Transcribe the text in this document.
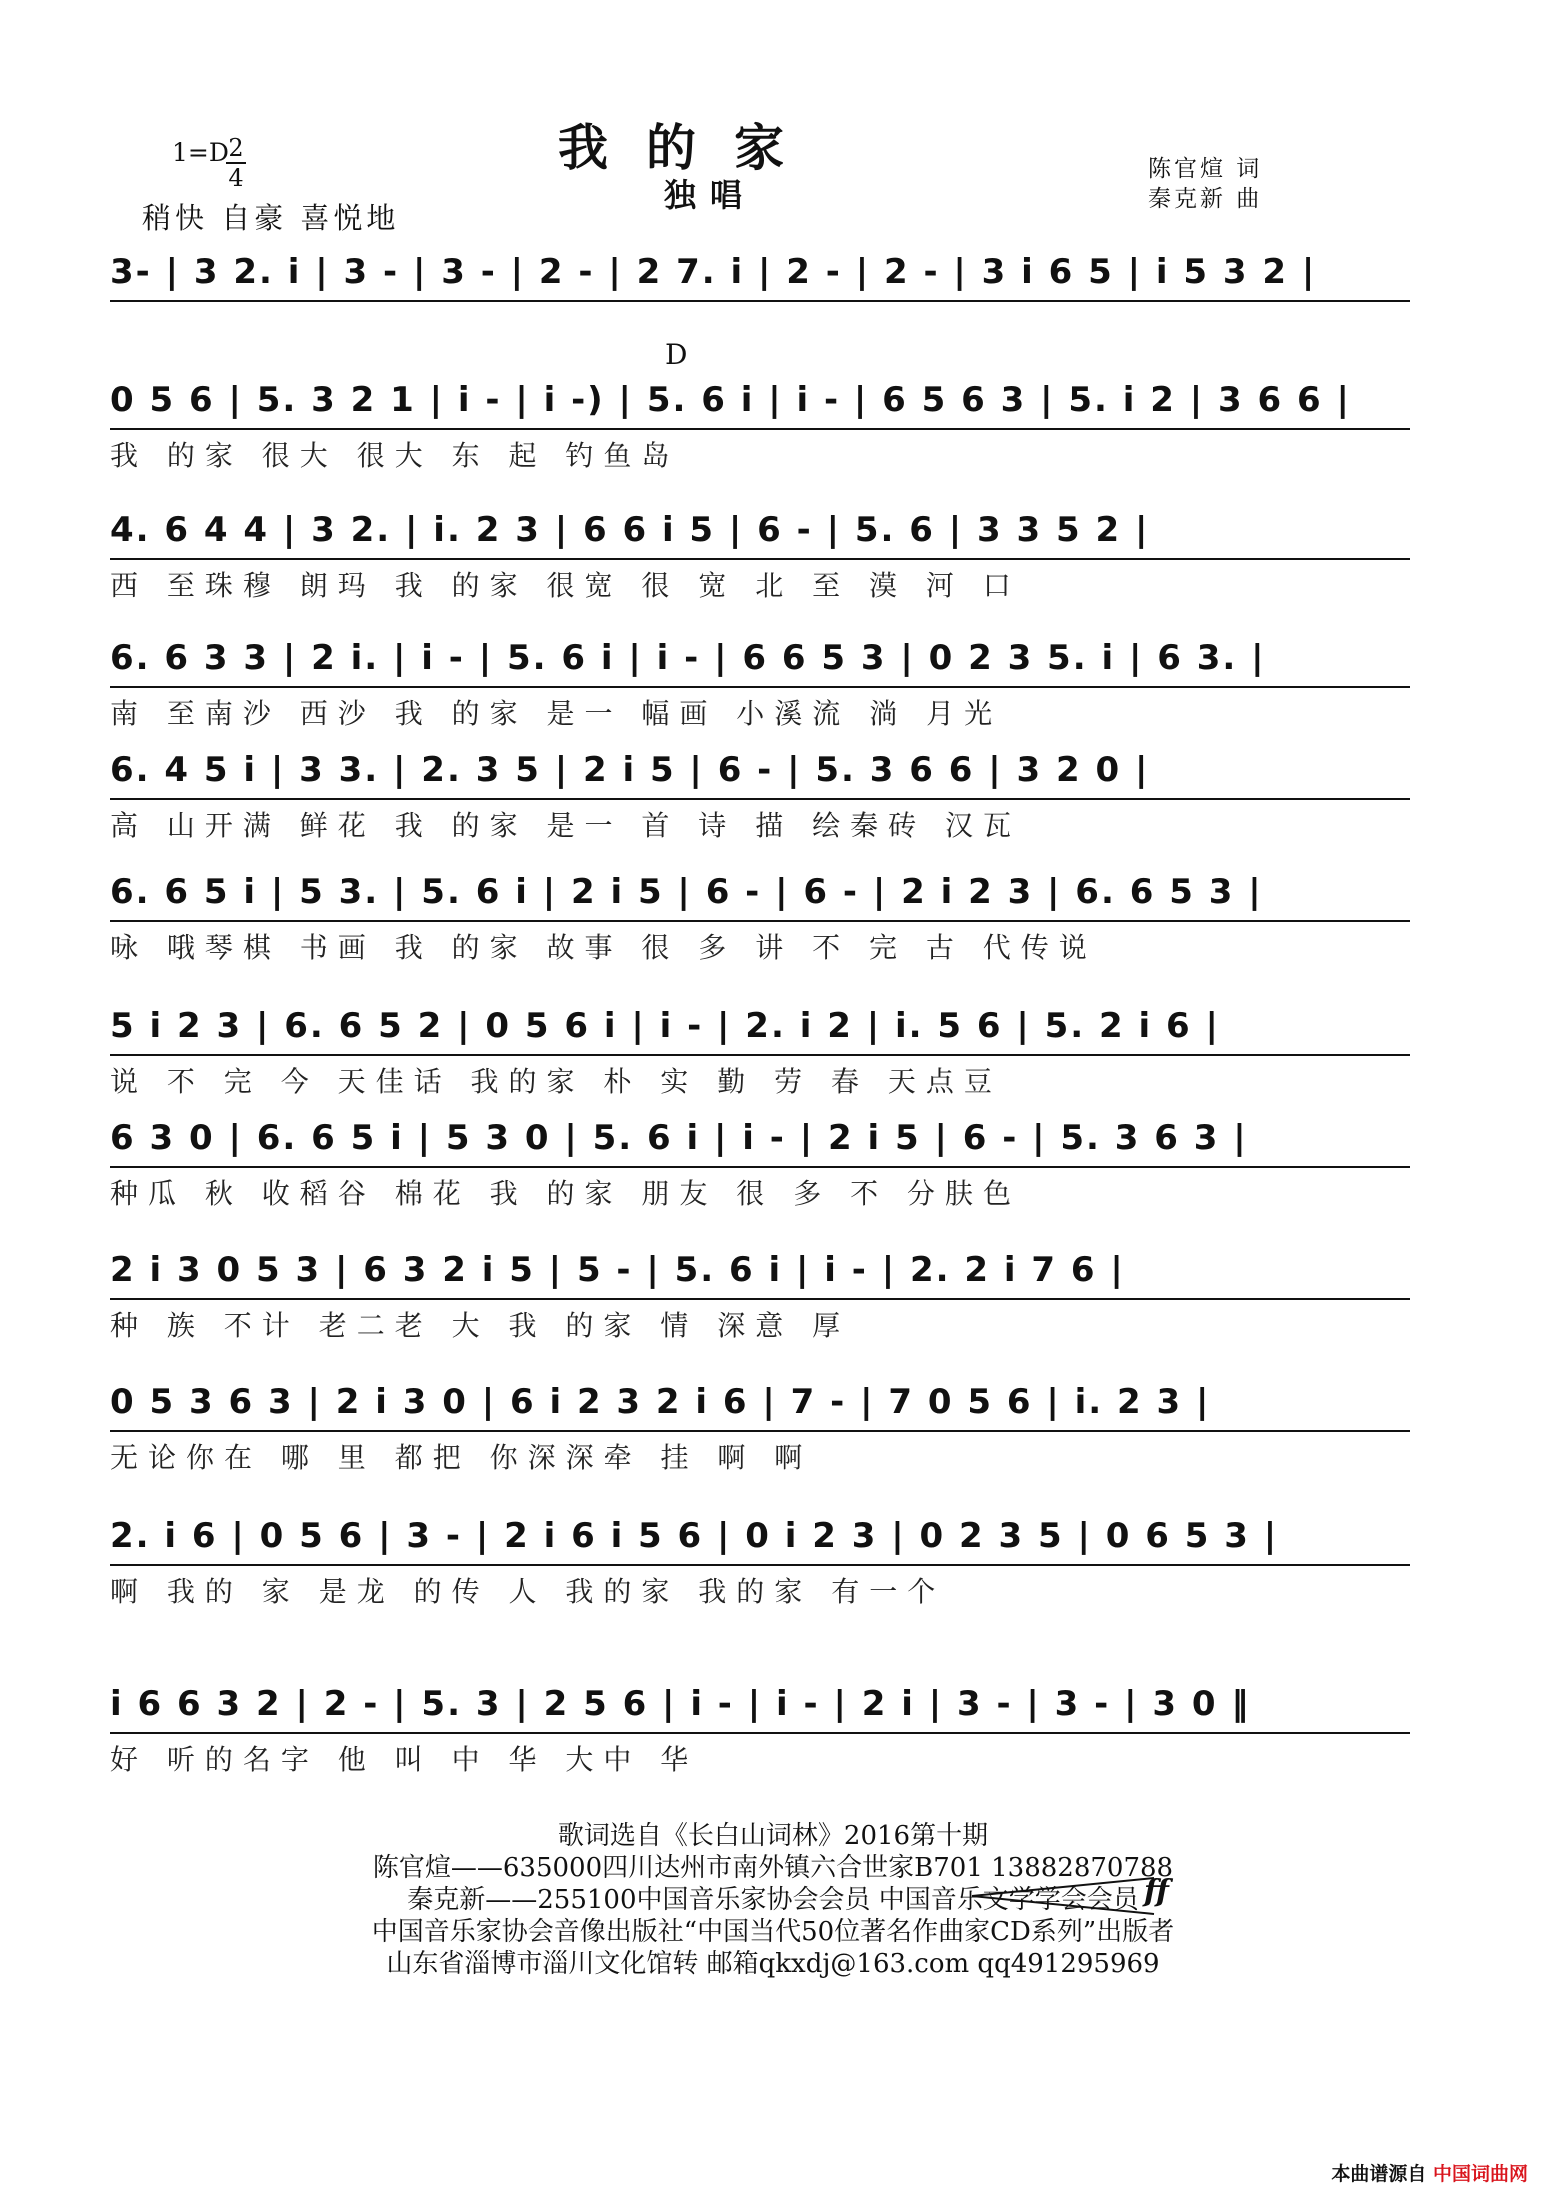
我的家
独唱
1=D 2
4
稍快 自豪 喜悦地
陈官煊 词
秦克新 曲
D
3- | 3 2. i | 3 - | 3 - | 2 - | 2 7. i | 2 - | 2 - | 3 i 6 5 | i 5 3 2 |
0 5 6 | 5. 3 2 1 | i - | i -) | 5. 6 i | i - | 6 5 6 3 | 5. i 2 | 3 6 6 |
我 的家 很大 很大 东 起 钓鱼岛
4. 6 4 4 | 3 2. | i. 2 3 | 6 6 i 5 | 6 - | 5. 6 | 3 3 5 2 |
西 至珠穆 朗玛 我 的家 很宽 很 宽 北 至 漠 河 口
6. 6 3 3 | 2 i. | i - | 5. 6 i | i - | 6 6 5 3 | 0 2 3 5. i | 6 3. |
南 至南沙 西沙 我 的家 是一 幅画 小溪流 淌 月光
6. 4 5 i | 3 3. | 2. 3 5 | 2 i 5 | 6 - | 5. 3 6 6 | 3 2 0 |
高 山开满 鲜花 我 的家 是一 首 诗 描 绘秦砖 汉瓦
6. 6 5 i | 5 3. | 5. 6 i | 2 i 5 | 6 - | 6 - | 2 i 2 3 | 6. 6 5 3 |
咏 哦琴棋 书画 我 的家 故事 很 多 讲 不 完 古 代传说
5 i 2 3 | 6. 6 5 2 | 0 5 6 i | i - | 2. i 2 | i. 5 6 | 5. 2 i 6 |
说 不 完 今 天佳话 我的家 朴 实 勤 劳 春 天点豆
6 3 0 | 6. 6 5 i | 5 3 0 | 5. 6 i | i - | 2 i 5 | 6 - | 5. 3 6 3 |
种瓜 秋 收稻谷 棉花 我 的家 朋友 很 多 不 分肤色
2 i 3 0 5 3 | 6 3 2 i 5 | 5 - | 5. 6 i | i - | 2. 2 i 7 6 |
种 族 不计 老二老 大 我 的家 情 深意 厚
0 5 3 6 3 | 2 i 3 0 | 6 i 2 3 2 i 6 | 7 - | 7 0 5 6 | i. 2 3 |
无论你在 哪 里 都把 你深深牵 挂 啊 啊
2. i 6 | 0 5 6 | 3 - | 2 i 6 i 5 6 | 0 i 2 3 | 0 2 3 5 | 0 6 5 3 |
啊 我的 家 是龙 的传 人 我的家 我的家 有一个
ff
i 6 6 3 2 | 2 - | 5. 3 | 2 5 6 | i - | i - | 2 i | 3 - | 3 - | 3 0 ‖
好 听的名字 他 叫 中 华 大中 华
歌词选自《长白山词林》2016第十期
陈官煊——635000四川达州市南外镇六合世家B701 13882870788
秦克新——255100中国音乐家协会会员 中国音乐文学学会会员
中国音乐家协会音像出版社“中国当代50位著名作曲家CD系列”出版者
山东省淄博市淄川文化馆转 邮箱qkxdj@163.com qq491295969
本曲谱源自 中国词曲网
